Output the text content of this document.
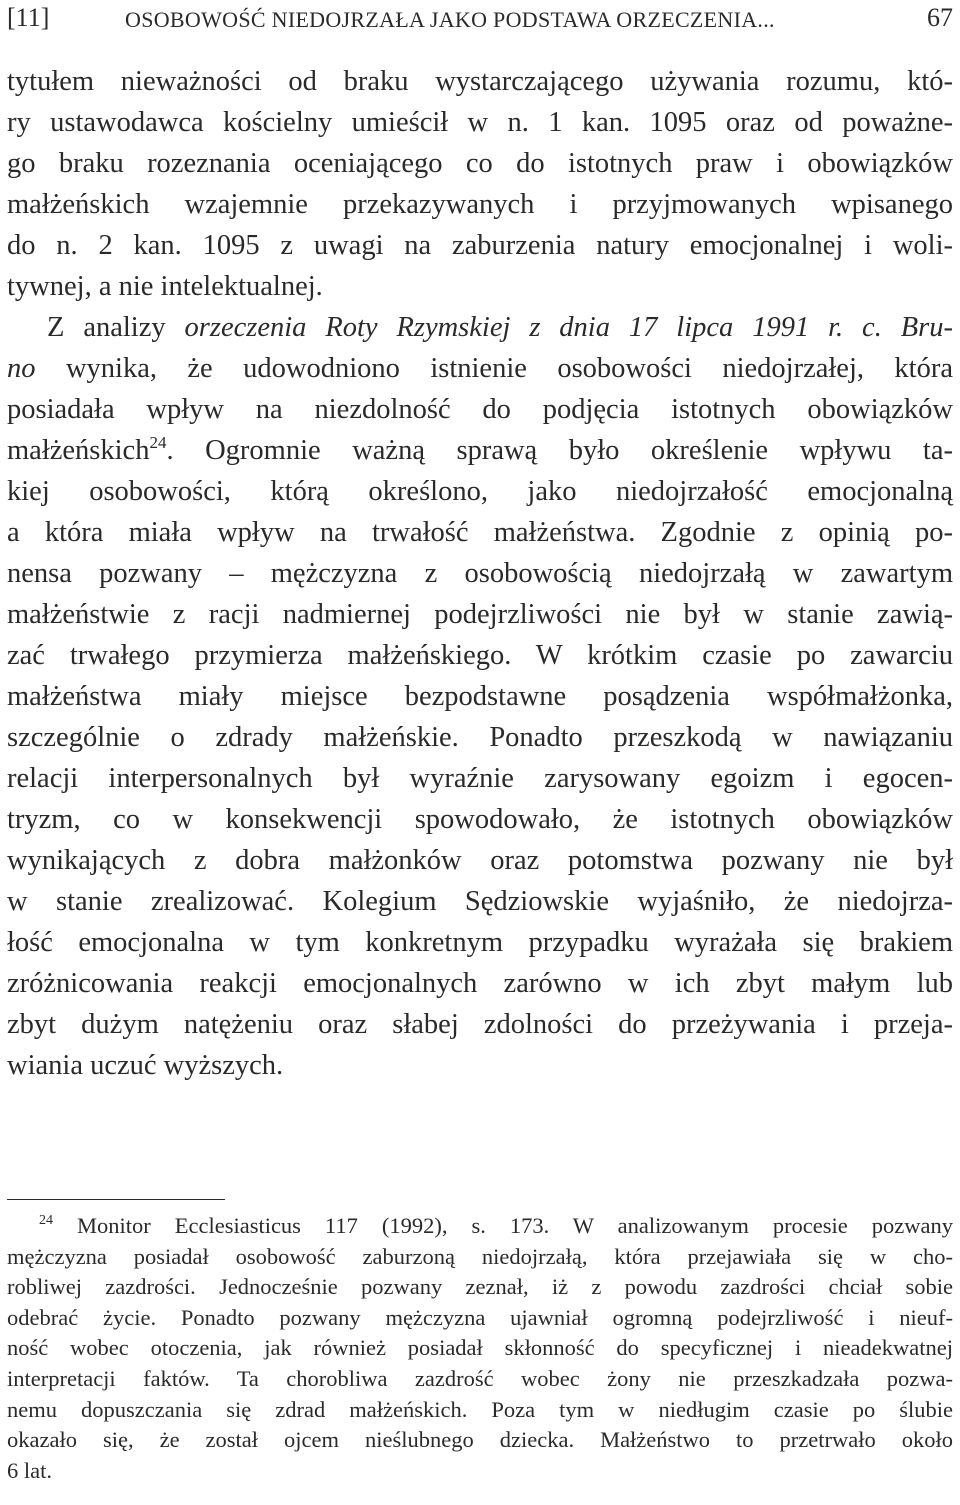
[11]	OSOBOWOŚĆ NIEDOJRZAŁA JAKO PODSTAWA ORZECZENIA...	67
tytułem nieważności od braku wystarczającego używania rozumu, któ-
ry ustawodawca kościelny umieścił w n. 1 kan. 1095 oraz od poważne-
go braku rozeznania oceniającego co do istotnych praw i obowiązków
małżeńskich wzajemnie przekazywanych i przyjmowanych wpisanego
do n. 2 kan. 1095 z uwagi na zaburzenia natury emocjonalnej i woli-
tywnej, a nie intelektualnej.
Z analizy orzeczenia Roty Rzymskiej z dnia 17 lipca 1991 r. c. Bru-
no wynika, że udowodniono istnienie osobowości niedojrzałej, która
posiadała wpływ na niezdolność do podjęcia istotnych obowiązków
małżeńskich$^{24}$. Ogromnie ważną sprawą było określenie wpływu ta-
kiej osobowości, którą określono, jako niedojrzałość emocjonalną
a która miała wpływ na trwałość małżeństwa. Zgodnie z opinią po-
nensa pozwany – mężczyzna z osobowością niedojrzałą w zawartym
małżeństwie z racji nadmiernej podejrzliwości nie był w stanie zawią-
zać trwałego przymierza małżeńskiego. W krótkim czasie po zawarciu
małżeństwa miały miejsce bezpodstawne posądzenia współmałżonka,
szczególnie o zdrady małżeńskie. Ponadto przeszkodą w nawiązaniu
relacji interpersonalnych był wyraźnie zarysowany egoizm i egocen-
tryzm, co w konsekwencji spowodowało, że istotnych obowiązków
wynikających z dobra małżonków oraz potomstwa pozwany nie był
w stanie zrealizować. Kolegium Sędziowskie wyjaśniło, że niedojrza-
łość emocjonalna w tym konkretnym przypadku wyrażała się brakiem
zróżnicowania reakcji emocjonalnych zarówno w ich zbyt małym lub
zbyt dużym natężeniu oraz słabej zdolności do przeżywania i przeja-
wiania uczuć wyższych.
$^{24}$ Monitor Ecclesiasticus 117 (1992), s. 173. W analizowanym procesie pozwany
mężczyzna posiadał osobowość zaburzoną niedojrzałą, która przejawiała się w cho-
robliwej zazdrości. Jednocześnie pozwany zeznał, iż z powodu zazdrości chciał sobie
odebrać życie. Ponadto pozwany mężczyzna ujawniał ogromną podejrzliwość i nieuf-
ność wobec otoczenia, jak również posiadał skłonność do specyficznej i nieadekwatnej
interpretacji faktów. Ta chorobliwa zazdrość wobec żony nie przeszkadzała pozwa-
nemu dopuszczania się zdrad małżeńskich. Poza tym w niedługim czasie po ślubie
okazało się, że został ojcem nieślubnego dziecka. Małżeństwo to przetrwało około
6 lat.
